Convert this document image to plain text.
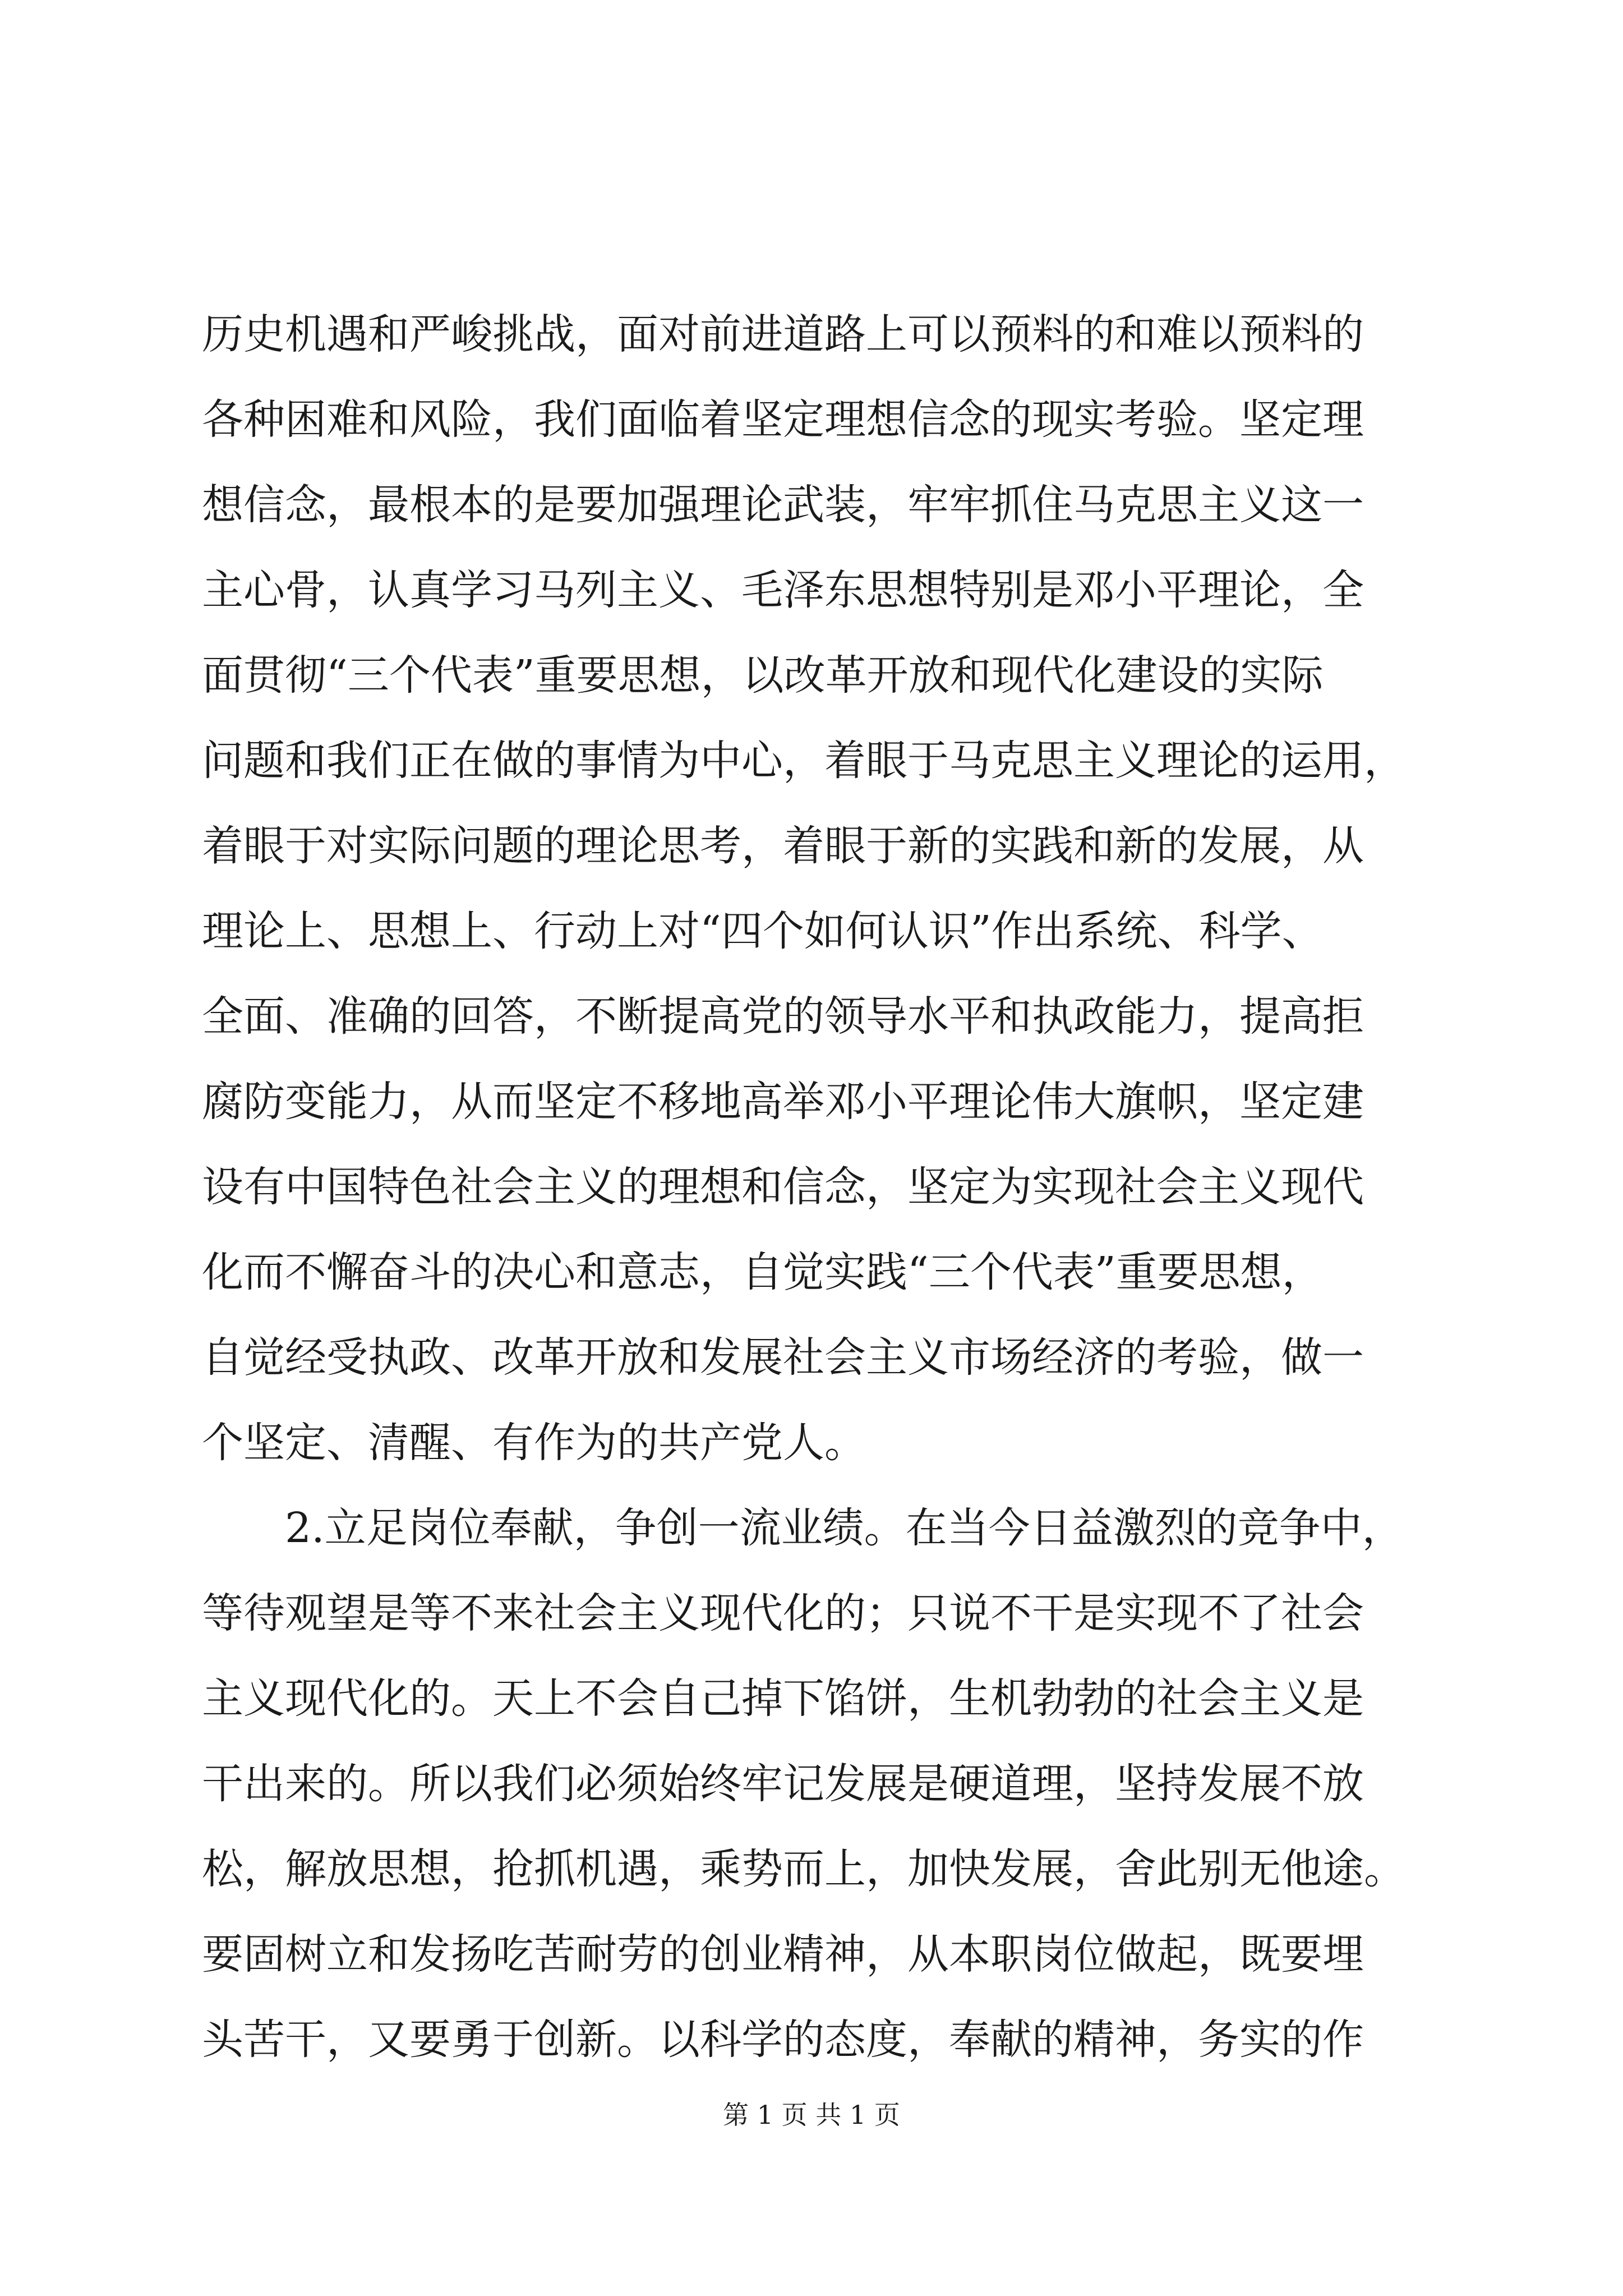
历史机遇和严峻挑战，面对前进道路上可以预料的和难以预料的
各种困难和风险，我们面临着坚定理想信念的现实考验。坚定理
想信念，最根本的是要加强理论武装，牢牢抓住马克思主义这一
主心骨，认真学习马列主义、毛泽东思想特别是邓小平理论，全
面贯彻“三个代表”重要思想，以改革开放和现代化建设的实际
问题和我们正在做的事情为中心，着眼于马克思主义理论的运用，
着眼于对实际问题的理论思考，着眼于新的实践和新的发展，从
理论上、思想上、行动上对“四个如何认识”作出系统、科学、
全面、准确的回答，不断提高党的领导水平和执政能力，提高拒
腐防变能力，从而坚定不移地高举邓小平理论伟大旗帜，坚定建
设有中国特色社会主义的理想和信念，坚定为实现社会主义现代
化而不懈奋斗的决心和意志，自觉实践“三个代表”重要思想，
自觉经受执政、改革开放和发展社会主义市场经济的考验，做一
个坚定、清醒、有作为的共产党人。
2.立足岗位奉献，争创一流业绩。在当今日益激烈的竞争中，
等待观望是等不来社会主义现代化的；只说不干是实现不了社会
主义现代化的。天上不会自己掉下馅饼，生机勃勃的社会主义是
干出来的。所以我们必须始终牢记发展是硬道理，坚持发展不放
松，解放思想，抢抓机遇，乘势而上，加快发展，舍此别无他途。
要固树立和发扬吃苦耐劳的创业精神，从本职岗位做起，既要埋
头苦干，又要勇于创新。以科学的态度，奉献的精神，务实的作
第 1 页 共 1 页
